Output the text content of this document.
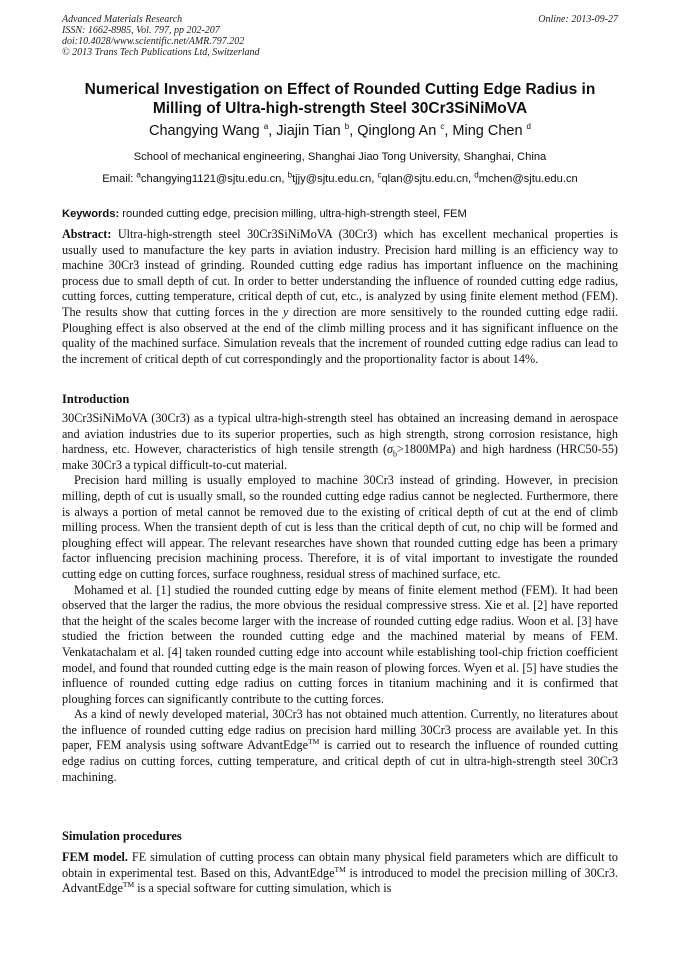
Advanced Materials Research
ISSN: 1662-8985, Vol. 797, pp 202-207
doi:10.4028/www.scientific.net/AMR.797.202
© 2013 Trans Tech Publications Ltd, Switzerland
Online: 2013-09-27
Numerical Investigation on Effect of Rounded Cutting Edge Radius in
Milling of Ultra-high-strength Steel 30Cr3SiNiMoVA
Changying Wang $^a$, Jiajin Tian $^b$, Qinglong An $^c$, Ming Chen $^d$
School of mechanical engineering, Shanghai Jiao Tong University, Shanghai, China
Email: $^a$changying1121@sjtu.edu.cn, $^b$tjjy@sjtu.edu.cn, $^c$qlan@sjtu.edu.cn, $^d$mchen@sjtu.edu.cn
Keywords: rounded cutting edge, precision milling, ultra-high-strength steel, FEM
Abstract: Ultra-high-strength steel 30Cr3SiNiMoVA (30Cr3) which has excellent mechanical properties is usually used to manufacture the key parts in aviation industry. Precision hard milling is an efficiency way to machine 30Cr3 instead of grinding. Rounded cutting edge radius has important influence on the machining process due to small depth of cut. In order to better understanding the influence of rounded cutting edge radius, cutting forces, cutting temperature, critical depth of cut, etc., is analyzed by using finite element method (FEM). The results show that cutting forces in the y direction are more sensitively to the rounded cutting edge radii. Ploughing effect is also observed at the end of the climb milling process and it has significant influence on the quality of the machined surface. Simulation reveals that the increment of rounded cutting edge radius can lead to the increment of critical depth of cut correspondingly and the proportionality factor is about 14%.
Introduction

30Cr3SiNiMoVA (30Cr3) as a typical ultra-high-strength steel has obtained an increasing demand in aerospace and aviation industries due to its superior properties, such as high strength, strong corrosion resistance, high hardness, etc. However, characteristics of high tensile strength $(\sigma_b>1800MPa)$ and high hardness (HRC50-55) make 30Cr3 a typical difficult-to-cut material.

Precision hard milling is usually employed to machine 30Cr3 instead of grinding. However, in precision milling, depth of cut is usually small, so the rounded cutting edge radius cannot be neglected. Furthermore, there is always a portion of metal cannot be removed due to the existing of critical depth of cut at the end of climb milling process. When the transient depth of cut is less than the critical depth of cut, no chip will be formed and ploughing effect will appear. The relevant researches have shown that rounded cutting edge has been a primary factor influencing precision machining process. Therefore, it is of vital important to investigate the rounded cutting edge on cutting forces, surface roughness, residual stress of machined surface, etc.

Mohamed et al. [1] studied the rounded cutting edge by means of finite element method (FEM). It had been observed that the larger the radius, the more obvious the residual compressive stress. Xie et al. [2] have reported that the height of the scales become larger with the increase of rounded cutting edge radius. Woon et al. [3] have studied the friction between the rounded cutting edge and the machined material by means of FEM. Venkatachalam et al. [4] taken rounded cutting edge into account while establishing tool-chip friction coefficient model, and found that rounded cutting edge is the main reason of plowing forces. Wyen et al. [5] have studies the influence of rounded cutting edge radius on cutting forces in titanium machining and it is confirmed that ploughing forces can significantly contribute to the cutting forces.

As a kind of newly developed material, 30Cr3 has not obtained much attention. Currently, no literatures about the influence of rounded cutting edge radius on precision hard milling 30Cr3 process are available yet. In this paper, FEM analysis using software AdvantEdge™ is carried out to research the influence of rounded cutting edge radius on cutting forces, cutting temperature, and critical depth of cut in ultra-high-strength steel 30Cr3 machining.

Simulation procedures

FEM model. FE simulation of cutting process can obtain many physical field parameters which are difficult to obtain in experimental test. Based on this, AdvantEdge™ is introduced to model the precision milling of 30Cr3. AdvantEdge™ is a special software for cutting simulation, which is
